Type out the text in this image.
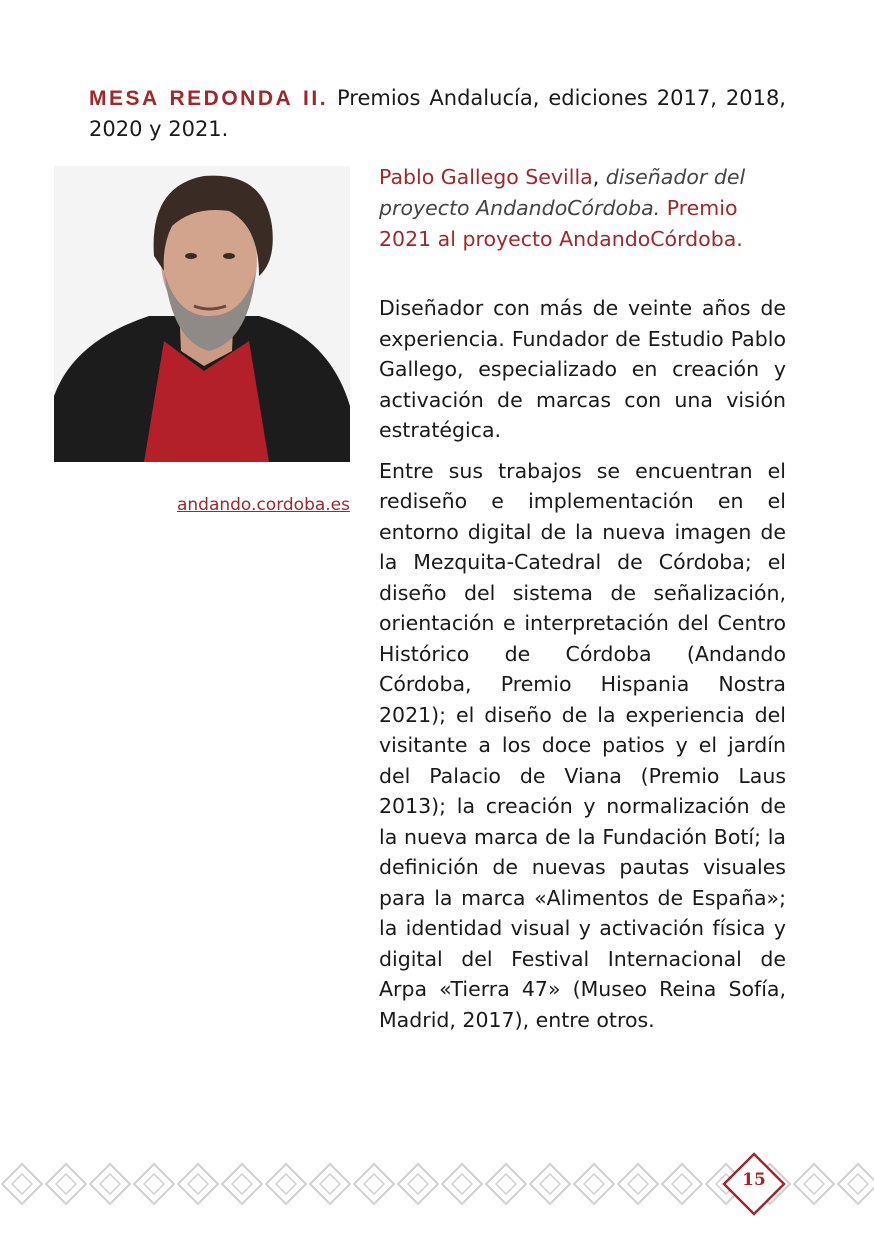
MESA REDONDA II. Premios Andalucía, ediciones 2017, 2018, 2020 y 2021.

andando.cordoba.es

Pablo Gallego Sevilla, diseñador del proyecto AndandoCórdoba. Premio 2021 al proyecto AndandoCórdoba.

Diseñador con más de veinte años de experiencia. Fundador de Estudio Pablo Gallego, especializado en creación y activación de marcas con una visión estratégica.

Entre sus trabajos se encuentran el rediseño e implementación en el entorno digital de la nueva imagen de la Mezquita-Catedral de Córdoba; el diseño del sistema de señalización, orientación e interpretación del Centro Histórico de Córdoba (Andando Córdoba, Premio Hispania Nostra 2021); el diseño de la experiencia del visitante a los doce patios y el jardín del Palacio de Viana (Premio Laus 2013); la creación y normalización de la nueva marca de la Fundación Botí; la definición de nuevas pautas visuales para la marca «Alimentos de España»; la identidad visual y activación física y digital del Festival Internacional de Arpa «Tierra 47» (Museo Reina Sofía, Madrid, 2017), entre otros.

15
